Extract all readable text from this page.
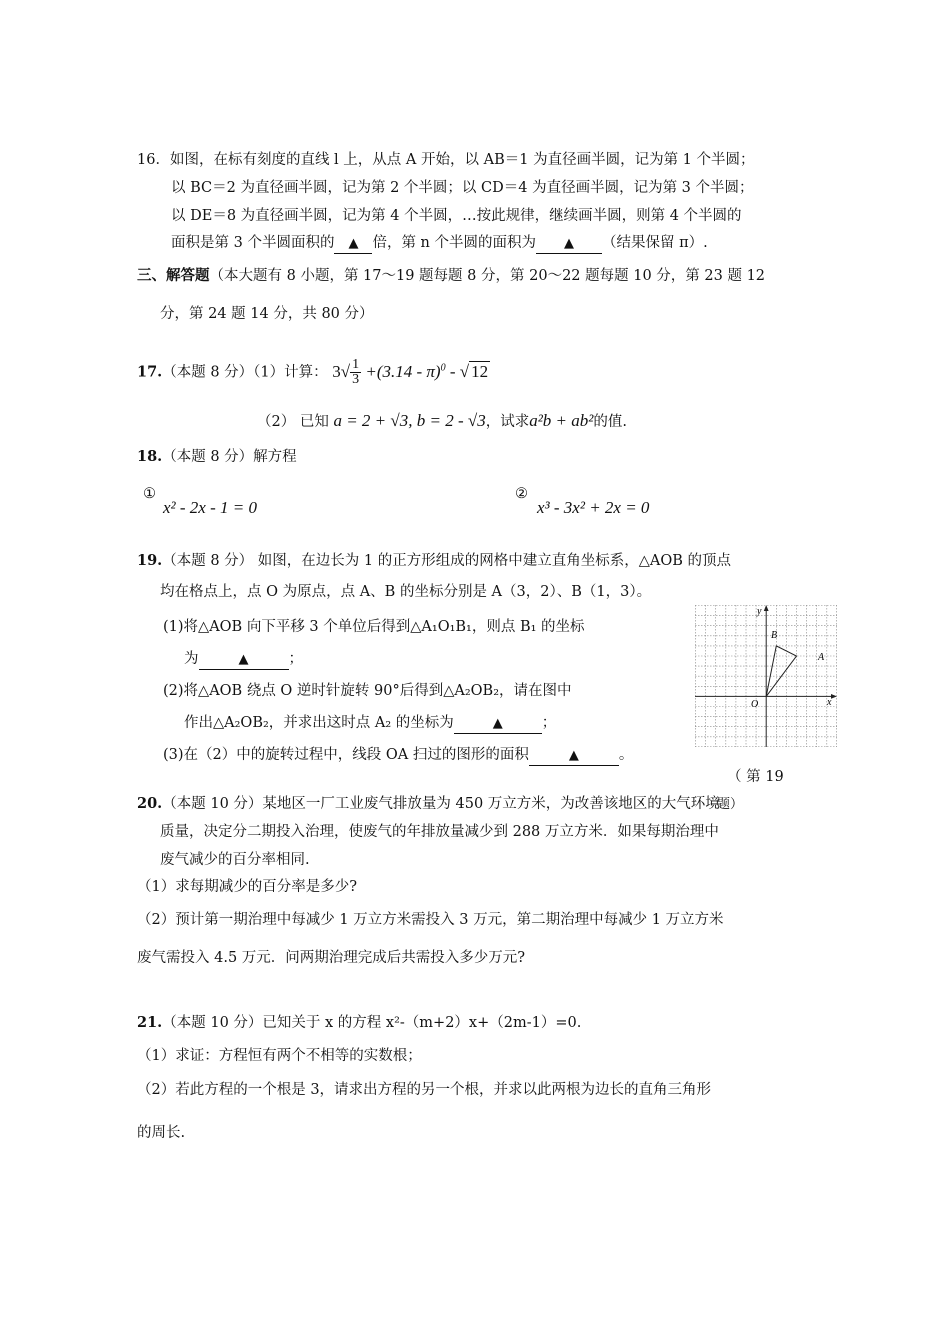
16．如图，在标有刻度的直线 l 上，从点 A 开始，以 AB＝1 为直径画半圆，记为第 1 个半圆；
以 BC＝2 为直径画半圆，记为第 2 个半圆；以 CD＝4 为直径画半圆，记为第 3 个半圆；
以 DE＝8 为直径画半圆，记为第 4 个半圆，…按此规律，继续画半圆，则第 4 个半圆的
面积是第 3 个半圆面积的 ▲ 倍，第 n 个半圆的面积为 ▲ （结果保留 π）.
三、解答题（本大题有 8 小题，第 17～19 题每题 8 分，第 20～22 题每题 10 分，第 23 题 12
分，第 24 题 14 分，共 80 分）
17.（本题 8 分）（1）计算： $3√ \frac{1}{3} +(3.14 - \pi)^0$ - √ 12
（2） 已知 a = 2 + √3, b = 2 - √3，试求a²b + ab²的值.
18.（本题 8 分）解方程
①
x² - 2x - 1 = 0
②
x³ - 3x² + 2x = 0
19.（本题 8 分） 如图，在边长为 1 的正方形组成的网格中建立直角坐标系，△AOB 的顶点
均在格点上，点 O 为原点，点 A、B 的坐标分别是 A（3，2）、B（1，3）。
(1)将△AOB 向下平移 3 个单位后得到△A₁O₁B₁，则点 B₁ 的坐标
为	▲	；
(2)将△AOB 绕点 O 逆时针旋转 90°后得到△A₂OB₂，请在图中
作出△A₂OB₂，并求出这时点 A₂ 的坐标为	▲	；
(3)在（2）中的旋转过程中，线段 OA 扫过的图形的面积	▲	。
（ 第 19
题）
y
x
O
A
B
20.（本题 10 分）某地区一厂工业废气排放量为 450 万立方米，为改善该地区的大气环境
质量，决定分二期投入治理，使废气的年排放量减少到 288 万立方米．如果每期治理中
废气减少的百分率相同.
（1）求每期减少的百分率是多少?
（2）预计第一期治理中每减少 1 万立方米需投入 3 万元，第二期治理中每减少 1 万立方米
废气需投入 4.5 万元．问两期治理完成后共需投入多少万元?
21.（本题 10 分）已知关于 x 的方程 x²-（m+2）x+（2m-1）=0.
（1）求证：方程恒有两个不相等的实数根；
（2）若此方程的一个根是 3，请求出方程的另一个根，并求以此两根为边长的直角三角形
的周长.
